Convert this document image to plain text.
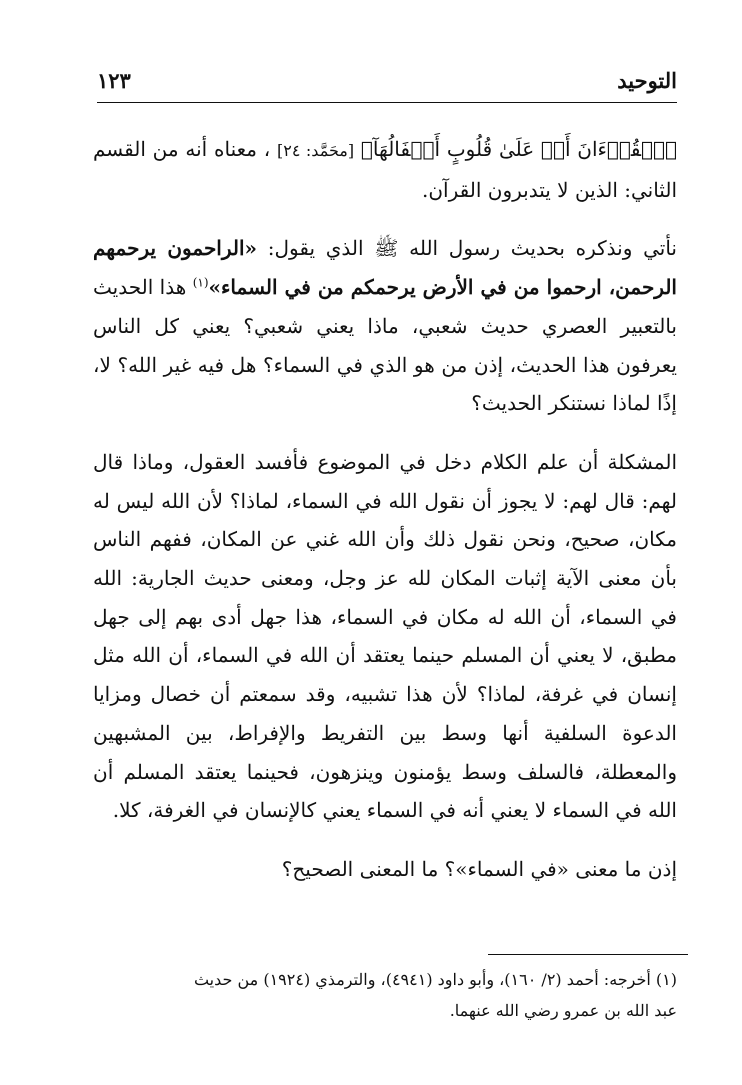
التوحيد
١٢٣

ﭐلۡقُرۡءَانَ أَمۡ عَلَىٰ قُلُوبٍ أَقۡفَالُهَآ﴾ [محَمَّد: ٢٤] ، معناه أنه من القسم الثاني: الذين لا يتدبرون القرآن.

نأتي ونذكره بحديث رسول الله ﷺ الذي يقول: «الراحمون يرحمهم الرحمن، ارحموا من في الأرض يرحمكم من في السماء»$^{(١)}$ هذا الحديث بالتعبير العصري حديث شعبي، ماذا يعني شعبي؟ يعني كل الناس يعرفون هذا الحديث، إذن من هو الذي في السماء؟ هل فيه غير الله؟ لا، إذًا لماذا نستنكر الحديث؟

المشكلة أن علم الكلام دخل في الموضوع فأفسد العقول، وماذا قال لهم: قال لهم: لا يجوز أن نقول الله في السماء، لماذا؟ لأن الله ليس له مكان، صحيح، ونحن نقول ذلك وأن الله غني عن المكان، ففهم الناس بأن معنى الآية إثبات المكان لله عز وجل، ومعنى حديث الجارية: الله في السماء، أن الله له مكان في السماء، هذا جهل أدى بهم إلى جهل مطبق، لا يعني أن المسلم حينما يعتقد أن الله في السماء، أن الله مثل إنسان في غرفة، لماذا؟ لأن هذا تشبيه، وقد سمعتم أن خصال ومزايا الدعوة السلفية أنها وسط بين التفريط والإفراط، بين المشبهين والمعطلة، فالسلف وسط يؤمنون وينزهون، فحينما يعتقد المسلم أن الله في السماء لا يعني أنه في السماء يعني كالإنسان في الغرفة، كلا.

إذن ما معنى «في السماء»؟ ما المعنى الصحيح؟

(١) أخرجه: أحمد (٢/ ١٦٠)، وأبو داود (٤٩٤١)، والترمذي (١٩٢٤) من حديث

عبد الله بن عمرو رضي الله عنهما.
